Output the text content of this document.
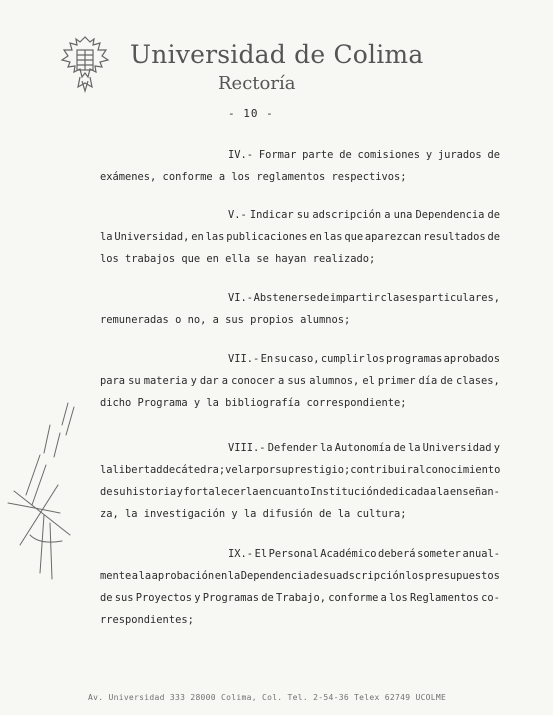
Universidad de Colima
Rectoría
- 10 -
IV.- Formar parte de comisiones y jurados de
exámenes, conforme a los reglamentos respectivos;
V.- Indicar su adscripción a una Dependencia de
la Universidad, en las publicaciones en las que aparezcan resultados de
los trabajos que en ella se hayan realizado;
VI.- Abstenerse de impartir clases particulares,
remuneradas o no, a sus propios alumnos;
VII.- En su caso, cumplir los programas aprobados
para su materia y dar a conocer a sus alumnos, el primer día de clases,
dicho Programa y la bibliografía correspondiente;
VIII.- Defender la Autonomía de la Universidad y
la libertad de cátedra; velar por su prestigio; contribuir al conocimiento
de su historia y fortalecerla en cuanto Institución dedicada a la enseñan-
za, la investigación y la difusión de la cultura;
IX.- El Personal Académico deberá someter anual-
mente a la aprobación en la Dependencia de su adscripción los presupuestos
de sus Proyectos y Programas de Trabajo, conforme a los Reglamentos co-
rrespondientes;
Av. Universidad 333 28000 Colima, Col. Tel. 2-54-36 Telex 62749 UCOLME
